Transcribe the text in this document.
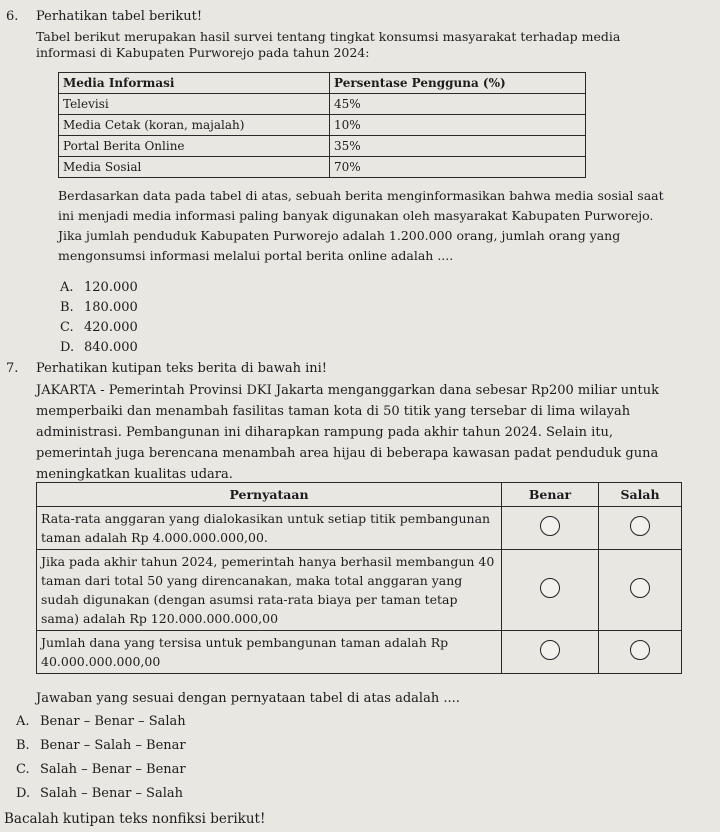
6. Perhatikan tabel berikut!
Tabel berikut merupakan hasil survei tentang tingkat konsumsi masyarakat terhadap media
informasi di Kabupaten Purworejo pada tahun 2024:
Media Informasi	Persentase Pengguna (%)
Televisi	45%
Media Cetak (koran, majalah)	10%
Portal Berita Online	35%
Media Sosial	70%
Berdasarkan data pada tabel di atas, sebuah berita menginformasikan bahwa media sosial saat ini menjadi media informasi paling banyak digunakan oleh masyarakat Kabupaten Purworejo. Jika jumlah penduduk Kabupaten Purworejo adalah 1.200.000 orang, jumlah orang yang mengonsumsi informasi melalui portal berita online adalah ....
A. 120.000
B. 180.000
C. 420.000
D. 840.000
7. Perhatikan kutipan teks berita di bawah ini!
JAKARTA - Pemerintah Provinsi DKI Jakarta menganggarkan dana sebesar Rp200 miliar untuk memperbaiki dan menambah fasilitas taman kota di 50 titik yang tersebar di lima wilayah administrasi. Pembangunan ini diharapkan rampung pada akhir tahun 2024. Selain itu, pemerintah juga berencana menambah area hijau di beberapa kawasan padat penduduk guna meningkatkan kualitas udara.
Pernyataan	Benar	Salah
Rata-rata anggaran yang dialokasikan untuk setiap titik pembangunan taman adalah Rp 4.000.000.000,00.		
Jika pada akhir tahun 2024, pemerintah hanya berhasil membangun 40 taman dari total 50 yang direncanakan, maka total anggaran yang sudah digunakan (dengan asumsi rata-rata biaya per taman tetap sama) adalah Rp 120.000.000.000,00		
Jumlah dana yang tersisa untuk pembangunan taman adalah Rp 40.000.000.000,00		
Jawaban yang sesuai dengan pernyataan tabel di atas adalah ....
A. Benar – Benar – Salah
B. Benar – Salah – Benar
C. Salah – Benar – Benar
D. Salah – Benar – Salah
Bacalah kutipan teks nonfiksi berikut!
